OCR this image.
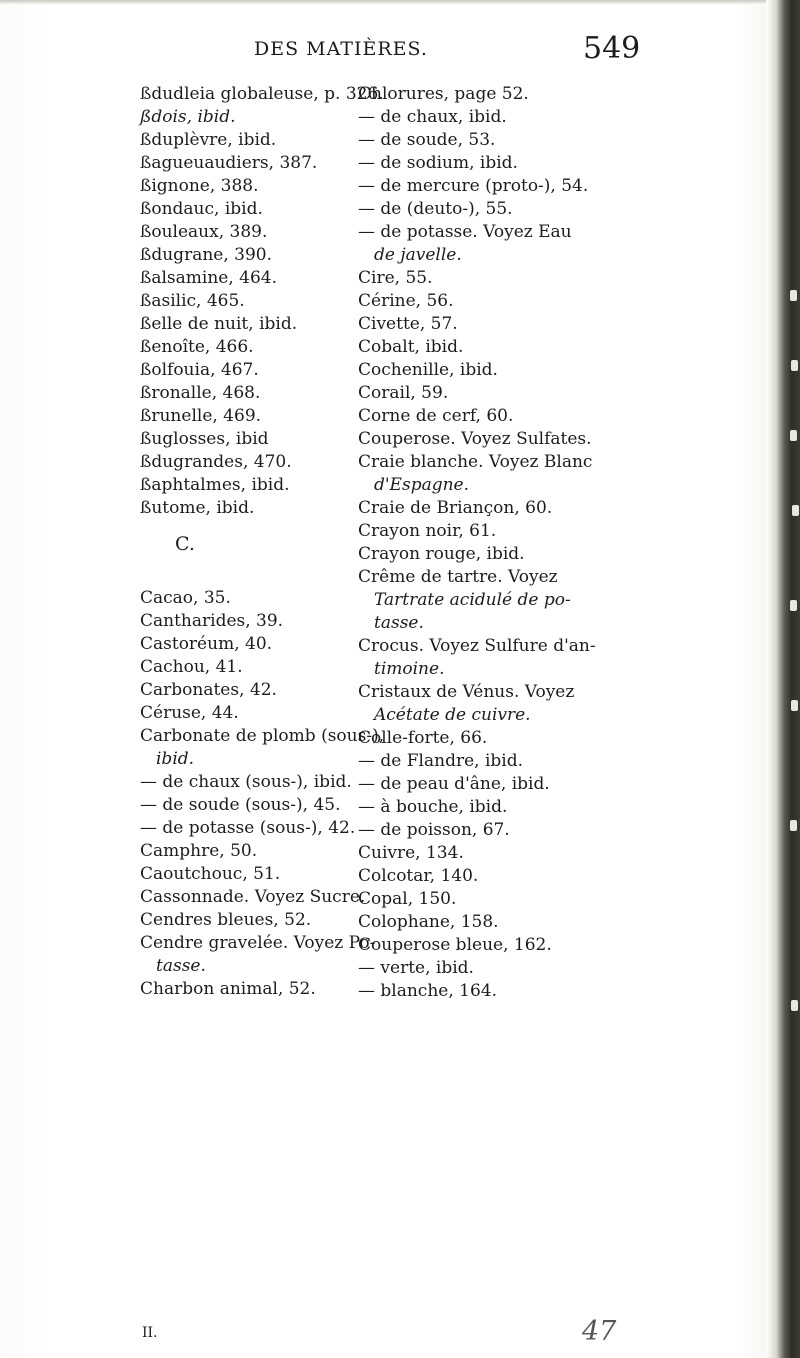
DES MATIÈRES.	549
ßdudleia globaleuse, p. 326.
ßdois, ibid.
ßduplèvre, ibid.
ßagueuaudiers, 387.
ßignone, 388.
ßondauc, ibid.
ßouleaux, 389.
ßdugrane, 390.
ßalsamine, 464.
ßasilic, 465.
ßelle de nuit, ibid.
ßenoîte, 466.
ßolfouia, 467.
ßronalle, 468.
ßrunelle, 469.
ßuglosses, ibid
ßdugrandes, 470.
ßaphtalmes, ibid.
ßutome, ibid.
C.
Cacao, 35.
Cantharides, 39.
Castoréum, 40.
Cachou, 41.
Carbonates, 42.
Céruse, 44.
Carbonate de plomb (sous-),
ibid.
— de chaux (sous-), ibid.
— de soude (sous-), 45.
— de potasse (sous-), 42.
Camphre, 50.
Caoutchouc, 51.
Cassonnade. Voyez Sucre.
Cendres bleues, 52.
Cendre gravelée. Voyez Po-
tasse.
Charbon animal, 52.
Chlorures, page 52.
— de chaux, ibid.
— de soude, 53.
— de sodium, ibid.
— de mercure (proto-), 54.
— de (deuto-), 55.
— de potasse. Voyez Eau
de javelle.
Cire, 55.
Cérine, 56.
Civette, 57.
Cobalt, ibid.
Cochenille, ibid.
Corail, 59.
Corne de cerf, 60.
Couperose. Voyez Sulfates.
Craie blanche. Voyez Blanc
d'Espagne.
Craie de Briançon, 60.
Crayon noir, 61.
Crayon rouge, ibid.
Crême de tartre. Voyez
Tartrate acidulé de po-
tasse.
Crocus. Voyez Sulfure d'an-
timoine.
Cristaux de Vénus. Voyez
Acétate de cuivre.
Colle-forte, 66.
— de Flandre, ibid.
— de peau d'âne, ibid.
— à bouche, ibid.
— de poisson, 67.
Cuivre, 134.
Colcotar, 140.
Copal, 150.
Colophane, 158.
Couperose bleue, 162.
— verte, ibid.
— blanche, 164.
II.	47
